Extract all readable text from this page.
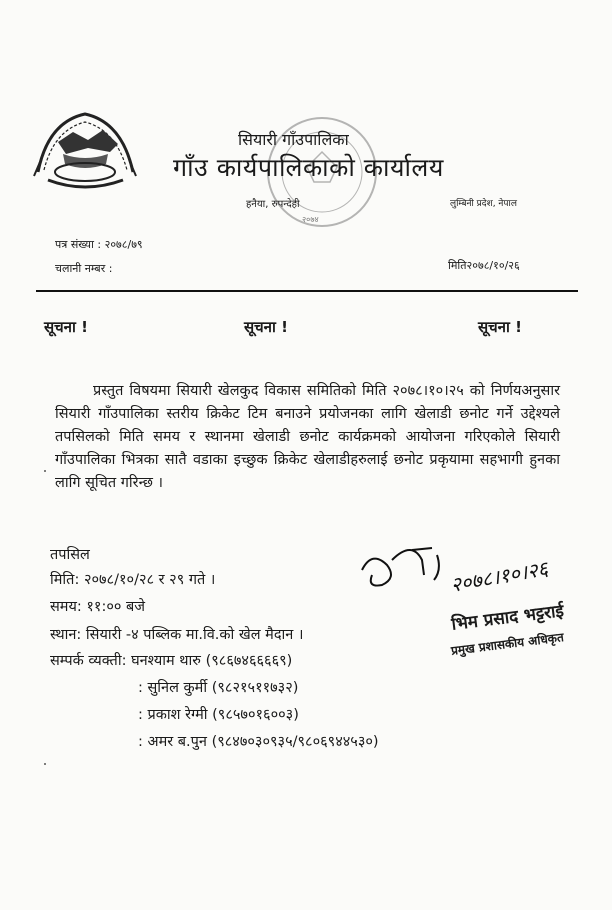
२०७४
सियारी गाँउपालिका
गाँउ कार्यपालिकाको कार्यालय
हनैया, रुपन्देही	लुम्बिनी प्रदेश, नेपाल
पत्र संख्या : २०७८/७९
चलानी नम्बर :	मिति२०७८/१०/२६
सूचना !	सूचना !	सूचना !
प्रस्तुत विषयमा सियारी खेलकुद विकास समितिको मिति २०७८।१०।२५ को निर्णयअनुसार सियारी गाँउपालिका स्तरीय क्रिकेट टिम बनाउने प्रयोजनका लागि खेलाडी छनोट गर्ने उद्देश्यले तपसिलको मिति समय र स्थानमा खेलाडी छनोट कार्यक्रमको आयोजना गरिएकोले सियारी गाँउपालिका भित्रका सातै वडाका इच्छुक क्रिकेट खेलाडीहरुलाई छनोट प्रकृयामा सहभागी हुनका लागि सूचित गरिन्छ ।
तपसिल
मिति: २०७८/१०/२८ र २९ गते ।
समय: ११:०० बजे
स्थान: सियारी -४ पब्लिक मा.वि.को खेल मैदान ।
सम्पर्क व्यक्ती: घनश्याम थारु (९८६७४६६६६९)
: सुनिल कुर्मी (९८२१५११७३२)
: प्रकाश रेग्मी (९८५७०१६००३)
: अमर ब.पुन (९८४७०३०९३५/९८०६९४४५३०)
२०७८।१०।२६
भिम प्रसाद भट्टराई
प्रमुख प्रशासकीय अधिकृत
